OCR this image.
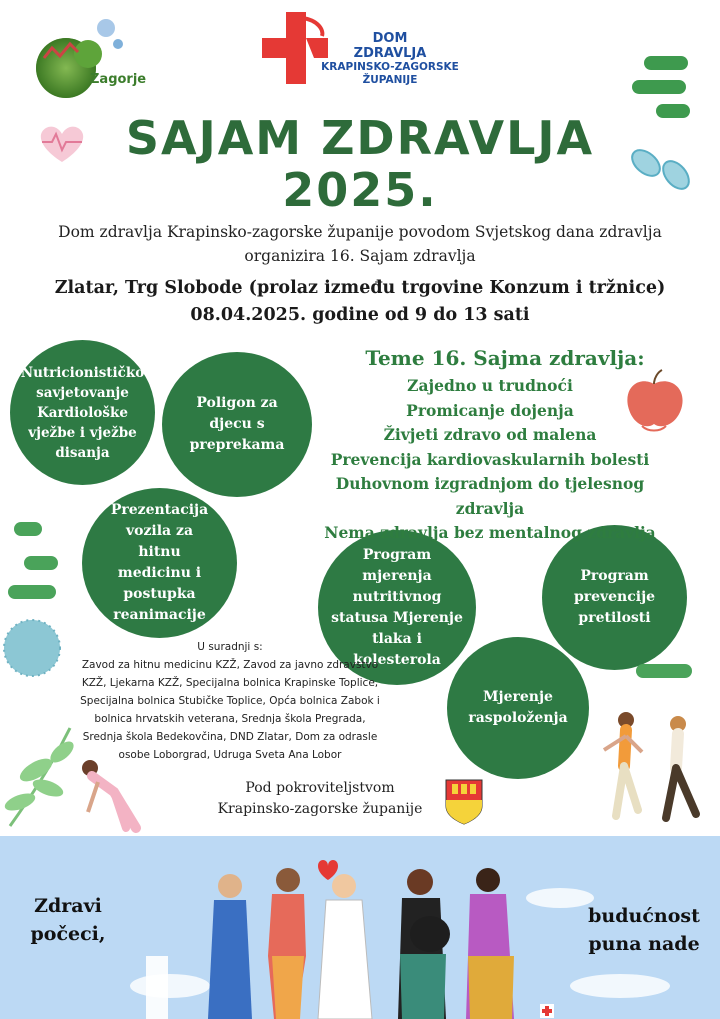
Zagorje
DOM
ZDRAVLJA
KRAPINSKO-ZAGORSKE
ŽUPANIJE
SAJAM ZDRAVLJA
2025.
Dom zdravlja Krapinsko-zagorske županije povodom Svjetskog dana zdravlja
organizira 16. Sajam zdravlja
Zlatar, Trg Slobode (prolaz između trgovine Konzum i tržnice)
08.04.2025. godine od 9 do 13 sati
Nutricionističko savjetovanje Kardiološke vježbe i vježbe disanja
Poligon za djecu s preprekama
Prezentacija vozila za hitnu medicinu i postupka reanimacije
Program mjerenja nutritivnog statusa Mjerenje tlaka i kolesterola
Program prevencije pretilosti
Mjerenje raspoloženja
Teme 16. Sajma zdravlja:
Zajedno u trudnoći
Promicanje dojenja
Živjeti zdravo od malena
Prevencija kardiovaskularnih bolesti
Duhovnom izgradnjom do tjelesnog zdravlja
Nema zdravlja bez mentalnog zdravlja
U suradnji s:
Zavod za hitnu medicinu KZŽ, Zavod za javno zdravstvo KZŽ, Ljekarna KZŽ, Specijalna bolnica Krapinske Toplice, Specijalna bolnica Stubičke Toplice, Opća bolnica Zabok i bolnica hrvatskih veterana, Srednja škola Pregrada, Srednja škola Bedekovčina, DND Zlatar, Dom za odrasle osobe Loborgrad, Udruga Sveta Ana Lobor
Pod pokroviteljstvom
Krapinsko-zagorske županije
Zdravi počeci,
budućnost puna nade
